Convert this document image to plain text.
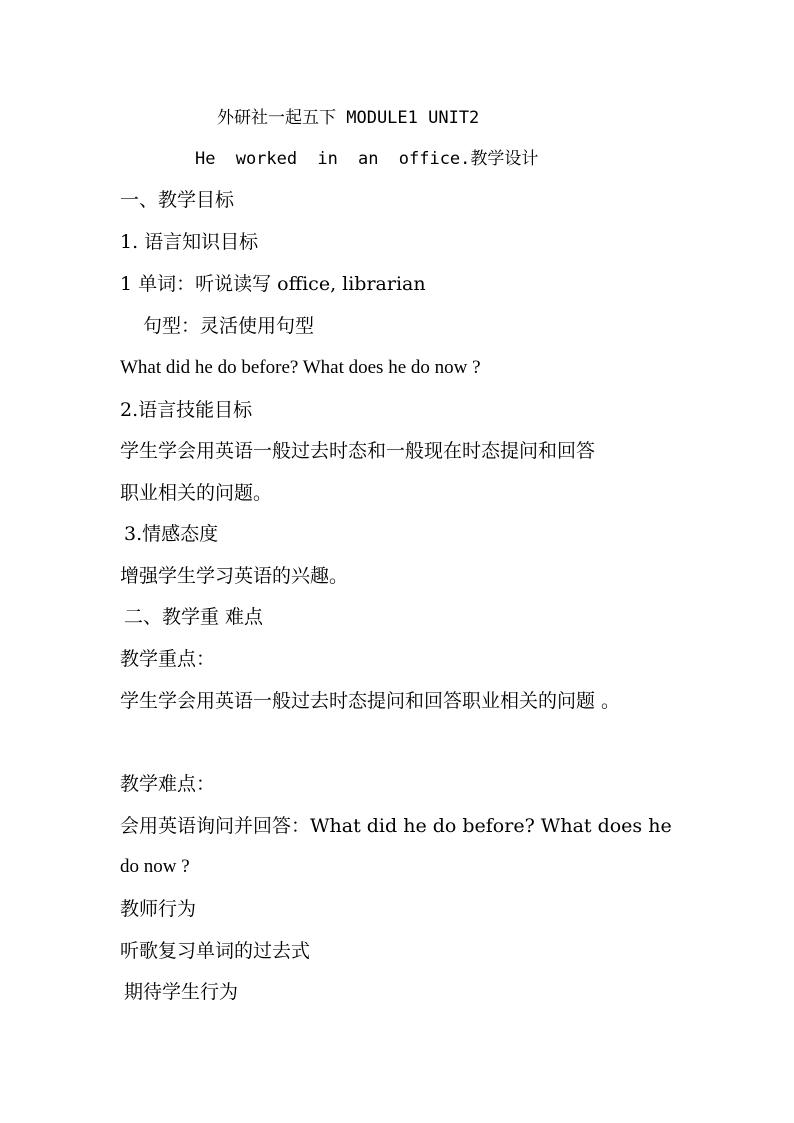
外研社一起五下 MODULE1 UNIT2
He worked in an office.教学设计
一、教学目标
1. 语言知识目标
1 单词：听说读写 office, librarian
句型：灵活使用句型
What did he do before? What does he do now ?
2.语言技能目标
学生学会用英语一般过去时态和一般现在时态提问和回答
职业相关的问题。
3.情感态度
增强学生学习英语的兴趣。
二、教学重 难点
教学重点：
学生学会用英语一般过去时态提问和回答职业相关的问题 。
教学难点：
会用英语询问并回答：What did he do before? What does he
do now ?
教师行为
听歌复习单词的过去式
期待学生行为
